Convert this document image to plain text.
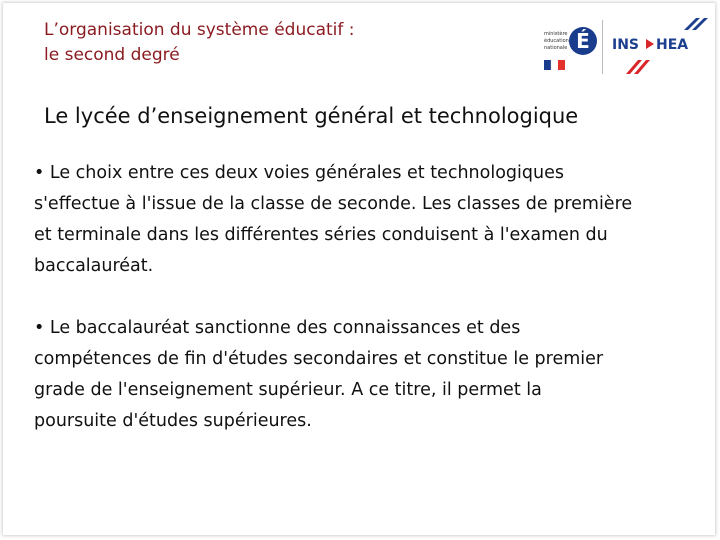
L’organisation du système éducatif :
le second degré
ministère
éducation
nationale É INS HEA
Le lycée d’enseignement général et technologique
• Le choix entre ces deux voies générales et technologiques
s'effectue à l'issue de la classe de seconde. Les classes de première
et terminale dans les différentes séries conduisent à l'examen du
baccalauréat.
• Le baccalauréat sanctionne des connaissances et des
compétences de fin d'études secondaires et constitue le premier
grade de l'enseignement supérieur. A ce titre, il permet la
poursuite d'études supérieures.
